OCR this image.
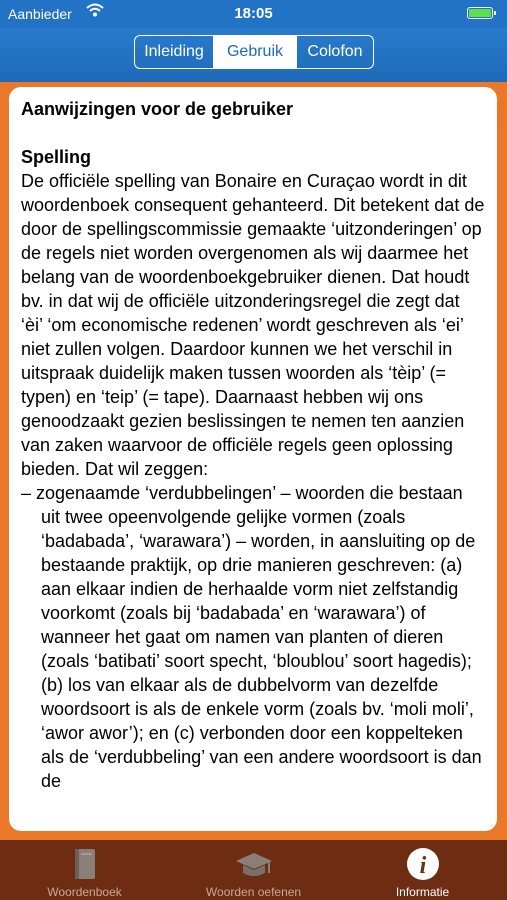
Aanbieder	18:05
Inleiding	Gebruik	Colofon
Aanwijzingen voor de gebruiker
Spelling

De officiële spelling van Bonaire en Curaçao wordt in dit woordenboek consequent gehanteerd. Dit betekent dat de door de spellingscommissie gemaakte ‘uitzonderingen’ op de regels niet worden overgenomen als wij daarmee het belang van de woordenboekgebruiker dienen. Dat houdt bv. in dat wij de officiële uitzonderingsregel die zegt dat ‘èi’ ‘om economische redenen’ wordt geschreven als ‘ei’ niet zullen volgen. Daardoor kunnen we het verschil in uitspraak duidelijk maken tussen woorden als ‘tèip’ (= typen) en ‘teip’ (= tape). Daarnaast hebben wij ons genoodzaakt gezien beslissingen te nemen ten aanzien van zaken waarvoor de officiële regels geen oplossing bieden. Dat wil zeggen:

– zogenaamde ‘verdubbelingen’ – woorden die bestaan uit twee opeenvolgende gelijke vormen (zoals ‘badabada’, ‘warawara’) – worden, in aansluiting op de bestaande praktijk, op drie manieren geschreven: (a) aan elkaar indien de herhaalde vorm niet zelfstandig voorkomt (zoals bij ‘badabada’ en ‘warawara’) of wanneer het gaat om namen van planten of dieren (zoals ‘batibati’ soort specht, ‘bloublou’ soort hagedis); (b) los van elkaar als de dubbelvorm van dezelfde woordsoort is als de enkele vorm (zoals bv. ‘moli moli’, ‘awor awor’); en (c) verbonden door een koppelteken als de ‘verdubbeling’ van een andere woordsoort is dan de

Woordenboek	Woorden oefenen
i
Informatie
